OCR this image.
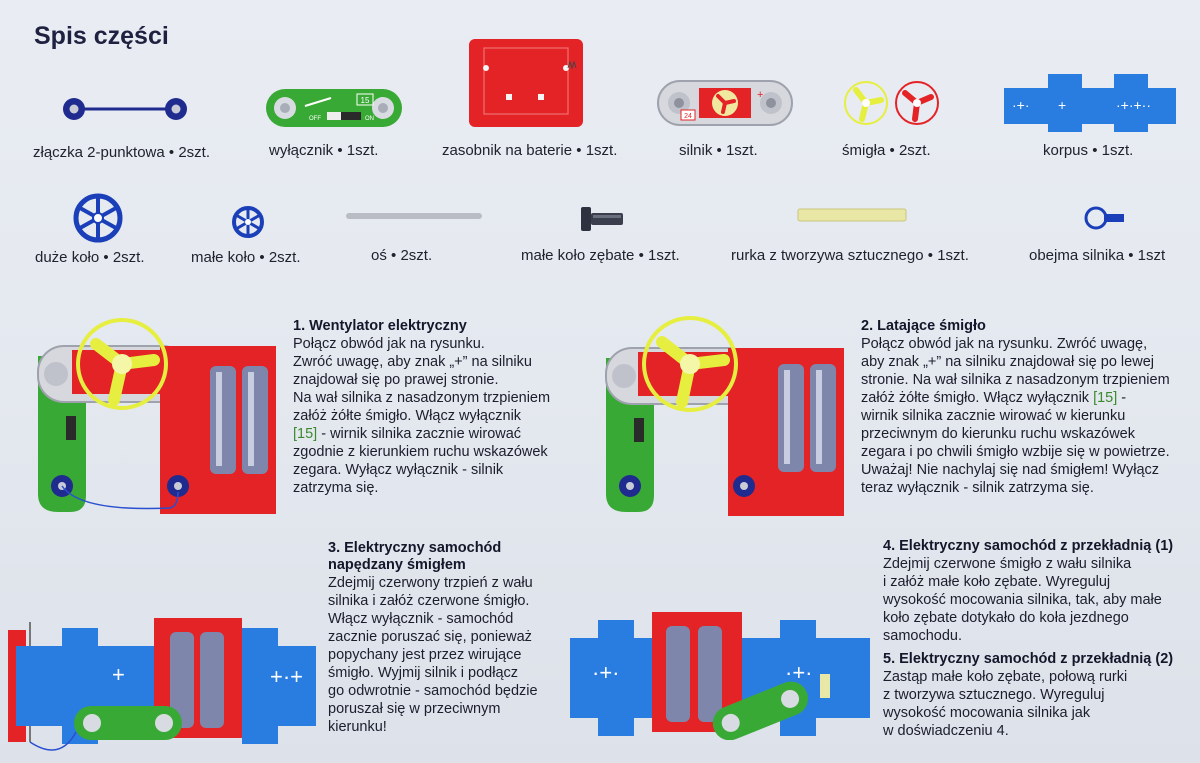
Spis części
15
OFF	ON
+
24
·+· +	·+·+··
złączka 2-punktowa • 2szt.	wyłącznik • 1szt.	zasobnik na baterie • 1szt.	silnik • 1szt.	śmigła • 2szt.	korpus • 1szt.
duże koło • 2szt.	małe koło • 2szt.	oś • 2szt.	małe koło zębate • 1szt.	rurka z tworzywa sztucznego • 1szt.	obejma silnika • 1szt
1. Wentylator elektryczny
Połącz obwód jak na rysunku.
Zwróć uwagę, aby znak „+” na silniku
znajdował się po prawej stronie.
Na wał silnika z nasadzonym trzpieniem
załóż żółte śmigło. Włącz wyłącznik
[15] - wirnik silnika zacznie wirować
zgodnie z kierunkiem ruchu wskazówek
zegara. Wyłącz wyłącznik - silnik
zatrzyma się.
2. Latające śmigło
Połącz obwód jak na rysunku. Zwróć uwagę,
aby znak „+” na silniku znajdował się po lewej
stronie. Na wał silnika z nasadzonym trzpieniem
załóż żółte śmigło. Włącz wyłącznik [15] -
wirnik silnika zacznie wirować w kierunku
przeciwnym do kierunku ruchu wskazówek
zegara i po chwili śmigło wzbije się w powietrze.
Uważaj! Nie nachylaj się nad śmigłem! Wyłącz
teraz wyłącznik - silnik zatrzyma się.
+	+·+
3. Elektryczny samochód
napędzany śmigłem
Zdejmij czerwony trzpień z wału
silnika i załóż czerwone śmigło.
Włącz wyłącznik - samochód
zacznie poruszać się, ponieważ
popychany jest przez wirujące
śmigło. Wyjmij silnik i podłącz
go odwrotnie - samochód będzie
poruszał się w przeciwnym
kierunku!
·+·	·+·
4. Elektryczny samochód z przekładnią (1)
Zdejmij czerwone śmigło z wału silnika
i załóż małe koło zębate. Wyreguluj
wysokość mocowania silnika, tak, aby małe
koło zębate dotykało do koła jezdnego
samochodu.
5. Elektryczny samochód z przekładnią (2)
Zastąp małe koło zębate, połową rurki
z tworzywa sztucznego. Wyreguluj
wysokość mocowania silnika jak
w doświadczeniu 4.
